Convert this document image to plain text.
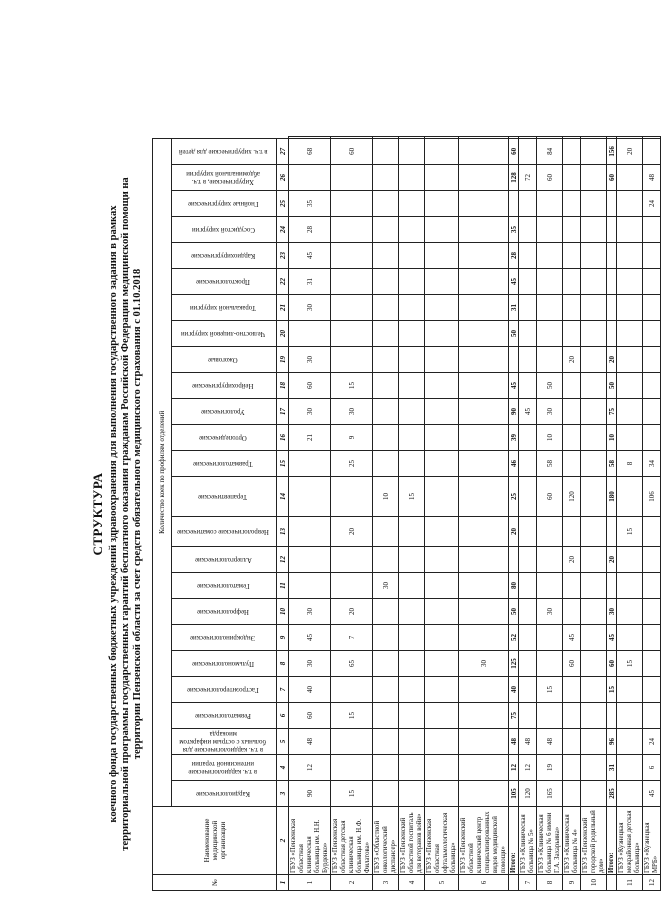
СТРУКТУРА коечного фонда государственных бюджетных учреждений здравоохранения для выполнения государственного задания в рамках территориальной программы государственных гарантий бесплатного оказания гражданам Российской Федерации медицинской помощи на территории Пензенской области за счет средств обязательного медицинского страхования с 01.10.2018
№	Наименование медицинской организации	Количество коек по профилям отделений																									
		Кардиологические	в т.ч. кардиологические интенсивной терапии	в т.ч. кардиологические для больных с острым инфарктом миокарда	Ревматологические	Гастроэнтерологические	Пульмонологические	Эндокринологические	Нефрологические	Гематологические	Аллергологические	Неврологические соматические	Терапевтические	Травматологические	Ортопедические	Урологические	Нейрохирургические	Ожоговые	Челюстно-лицевой хирургии	Торакальной хирургии	Проктологические	Кардиохирургические	Сосудистой хирургии	Гнойные хирургические	Хирургические, в т.ч. абдоминальной хирургии	в т.ч. хирургические для детей	
1	2	3	4	5	6	7	8	9	10	11	12	13	14	15	16	17	18	19	20	21	22	23	24	25	26	27	
1	ГБУЗ «Пензенская областная клиническая больница им. Н.Н. Бурденко»	90	12	48	60	40	30	45	30						21	30	60	30		30	31	45	28	35		68	
2	ГБУЗ «Пензенская областная детская клиническая больница им. Н.Ф. Филатова»	15			15		65	7	20			20		25	9	30	15									60	
3	ГБУЗ «Областной онкологический диспансер»									30			10														
4	ГБУЗ «Пензенский областной госпиталь для ветеранов войн»												15														
5	ГБУЗ «Пензенская областная офтальмологическая больница»																										
6	ГБУЗ «Пензенский областной клинический центр специализированных видов медицинской помощи»						30																				
	Итого:	105	12	48	75	40	125	52	50	80		20	25	46	39	90	45		50	31	45	28	35		128	60	
7	ГБУЗ «Клиническая больница № 5»	120	12	48												45									72		
8	ГБУЗ «Клиническая больница № 6 имени Г.А. Захарьина»	165	19	48		15			30				60	58	10	30	50								60	84	
9	ГБУЗ «Клиническая больница № 4»						60	45			20		120					20									
10	ГБУЗ «Пензенский городской родильный дом»																										
	Итого:	285	31	96		15	60	45	30		20		180	58	10	75	50	20							60	156	
11	ГБУЗ «Кузнецкая межрайонная детская больница»						15					15		8												20	
12	ГБУЗ «Кузнецкая МРБ»	45	6	24									106	34										24	48		
